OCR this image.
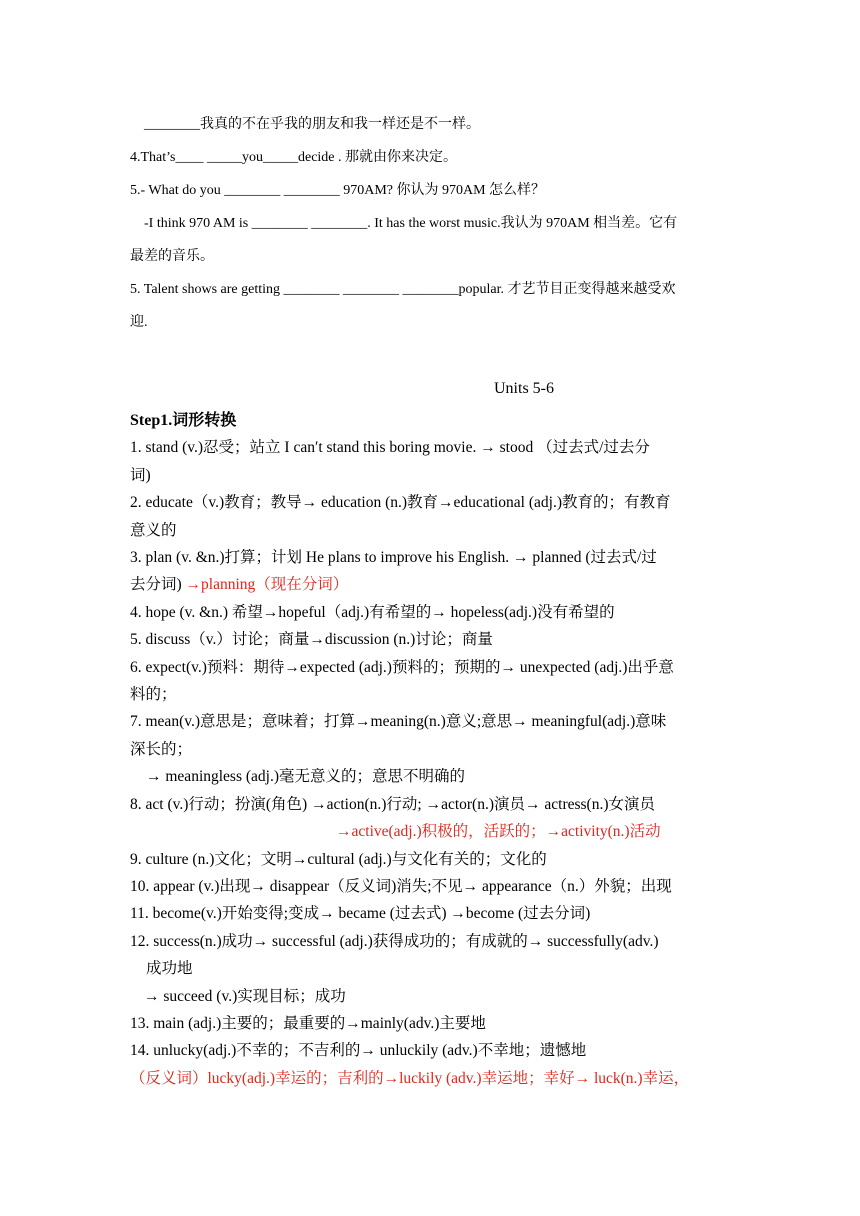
________我真的不在乎我的朋友和我一样还是不一样。

4.That’s____ _____you_____decide . 那就由你来决定。

5.- What do you ________ ________ 970AM? 你认为 970AM 怎么样？

-I think 970 AM is ________ ________. It has the worst music.我认为 970AM 相当差。它有

最差的音乐。

5. Talent shows are getting ________ ________ ________popular. 才艺节目正变得越来越受欢

迎.

Units 5-6
Step1.词形转换
1. stand (v.)忍受；站立 I can′t stand this boring movie. → stood （过去式/过去分
词)
2. educate（v.)教育；教导→ education (n.)教育→educational (adj.)教育的；有教育
意义的
3. plan (v. &n.)打算；计划 He plans to improve his English. → planned (过去式/过
去分词) →planning（现在分词）
4. hope (v. &n.) 希望→hopeful（adj.)有希望的→ hopeless(adj.)没有希望的
5. discuss（v.）讨论；商量→discussion (n.)讨论；商量
6. expect(v.)预料：期待→expected (adj.)预料的；预期的→ unexpected (adj.)出乎意
料的；
7. mean(v.)意思是；意味着；打算→meaning(n.)意义;意思→ meaningful(adj.)意味
深长的；
→ meaningless (adj.)毫无意义的；意思不明确的
8. act (v.)行动；扮演(角色) →action(n.)行动; →actor(n.)演员→ actress(n.)女演员
→active(adj.)积极的，活跃的；→activity(n.)活动
9. culture (n.)文化；文明→cultural (adj.)与文化有关的；文化的
10. appear (v.)出现→ disappear（反义词)消失;不见→ appearance（n.）外貌；出现
11. become(v.)开始变得;变成→ became (过去式) →become (过去分词)
12. success(n.)成功→ successful (adj.)获得成功的；有成就的→ successfully(adv.)
成功地
→ succeed (v.)实现目标；成功
13. main (adj.)主要的；最重要的→mainly(adv.)主要地
14. unlucky(adj.)不幸的；不吉利的→ unluckily (adv.)不幸地；遗憾地
（反义词）lucky(adj.)幸运的；吉利的→luckily (adv.)幸运地；幸好→ luck(n.)幸运，
